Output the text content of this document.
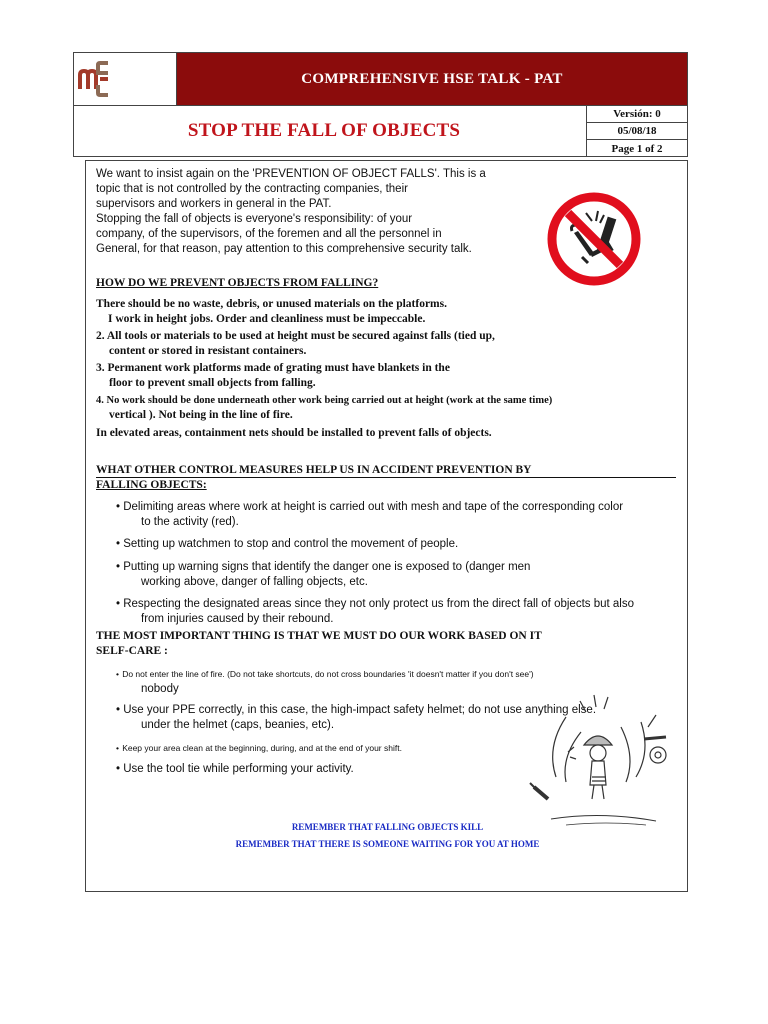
COMPREHENSIVE HSE TALK - PAT
STOP THE FALL OF OBJECTS
Versión: 0
05/08/18
Page 1 of 2
We want to insist again on the 'PREVENTION OF OBJECT FALLS'. This is a
topic that is not controlled by the contracting companies, their
supervisors and workers in general in the PAT.
Stopping the fall of objects is everyone's responsibility: of your
company, of the supervisors, of the foremen and all the personnel in
General, for that reason, pay attention to this comprehensive security talk.
HOW DO WE PREVENT OBJECTS FROM FALLING?
There should be no waste, debris, or unused materials on the platforms.
I work in height jobs. Order and cleanliness must be impeccable.
2. All tools or materials to be used at height must be secured against falls (tied up,
content or stored in resistant containers.
3. Permanent work platforms made of grating must have blankets in the
floor to prevent small objects from falling.
4. No work should be done underneath other work being carried out at height (work at the same time)
vertical ). Not being in the line of fire.
In elevated areas, containment nets should be installed to prevent falls of objects.
WHAT OTHER CONTROL MEASURES HELP US IN ACCIDENT PREVENTION BY
FALLING OBJECTS:
• Delimiting areas where work at height is carried out with mesh and tape of the corresponding color
to the activity (red).
• Setting up watchmen to stop and control the movement of people.
• Putting up warning signs that identify the danger one is exposed to (danger men
working above, danger of falling objects, etc.
• Respecting the designated areas since they not only protect us from the direct fall of objects but also
from injuries caused by their rebound.
THE MOST IMPORTANT THING IS THAT WE MUST DO OUR WORK BASED ON IT
SELF-CARE :
• Do not enter the line of fire. (Do not take shortcuts, do not cross boundaries 'it doesn't matter if you don't see')
nobody
• Use your PPE correctly, in this case, the high-impact safety helmet; do not use anything else.
under the helmet (caps, beanies, etc).
• Keep your area clean at the beginning, during, and at the end of your shift.
• Use the tool tie while performing your activity.
REMEMBER THAT FALLING OBJECTS KILL
REMEMBER THAT THERE IS SOMEONE WAITING FOR YOU AT HOME
